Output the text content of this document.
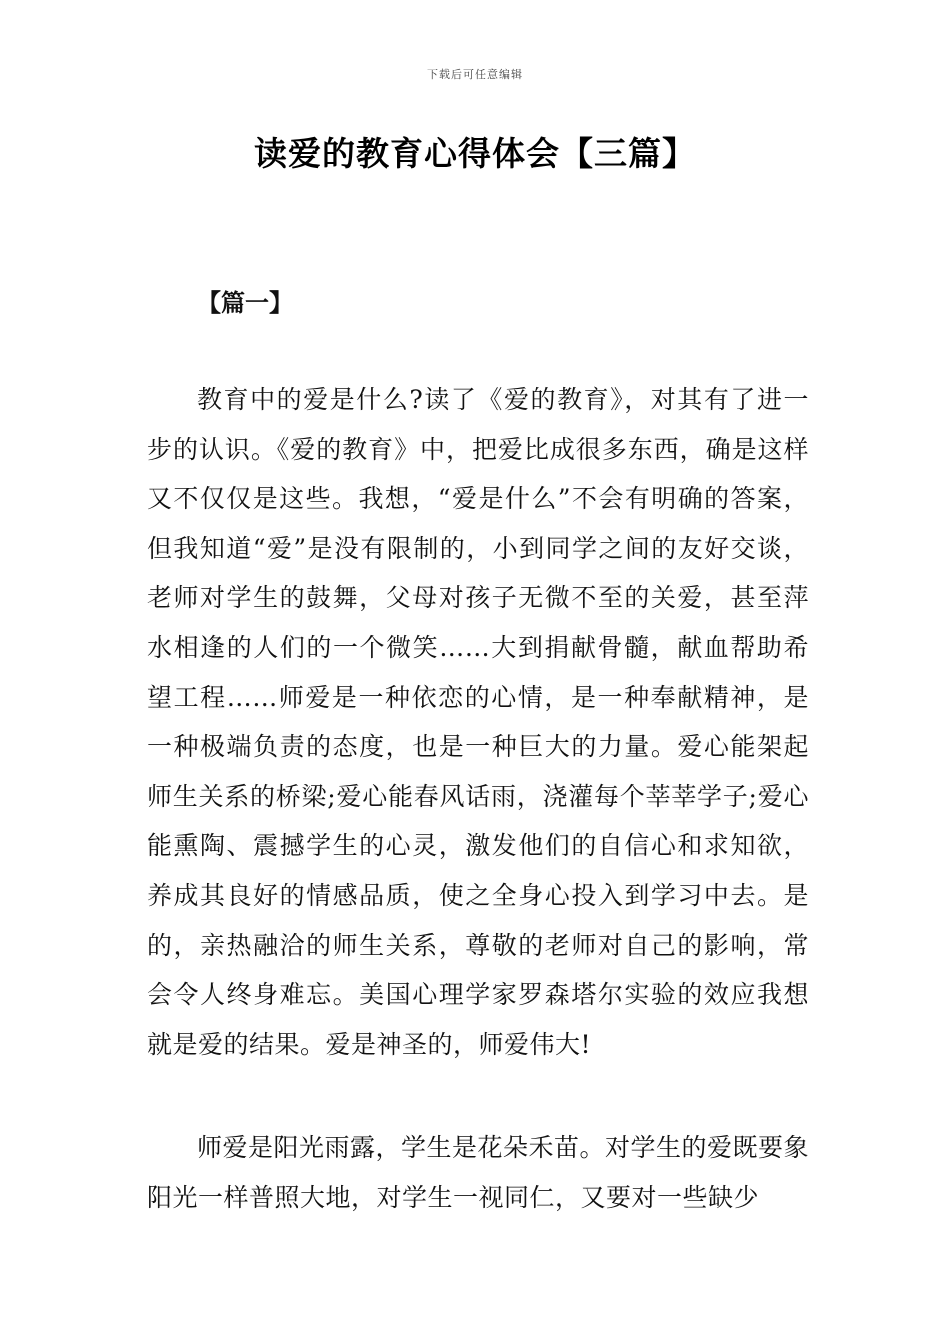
下载后可任意编辑
读爱的教育心得体会【三篇】
【篇一】

教育中的爱是什么?读了《爱的教育》，对其有了进一步的认识。《爱的教育》中，把爱比成很多东西，确是这样又不仅仅是这些。我想，“爱是什么”不会有明确的答案，但我知道“爱”是没有限制的，小到同学之间的友好交谈，老师对学生的鼓舞，父母对孩子无微不至的关爱，甚至萍水相逢的人们的一个微笑……大到捐献骨髓，献血帮助希望工程……师爱是一种依恋的心情，是一种奉献精神，是一种极端负责的态度，也是一种巨大的力量。爱心能架起师生关系的桥梁;爱心能春风话雨，浇灌每个莘莘学子;爱心能熏陶、震撼学生的心灵，激发他们的自信心和求知欲，养成其良好的情感品质，使之全身心投入到学习中去。是的，亲热融洽的师生关系，尊敬的老师对自己的影响，常会令人终身难忘。美国心理学家罗森塔尔实验的效应我想就是爱的结果。爱是神圣的，师爱伟大!

师爱是阳光雨露，学生是花朵禾苗。对学生的爱既要象阳光一样普照大地，对学生一视同仁，又要对一些缺少
